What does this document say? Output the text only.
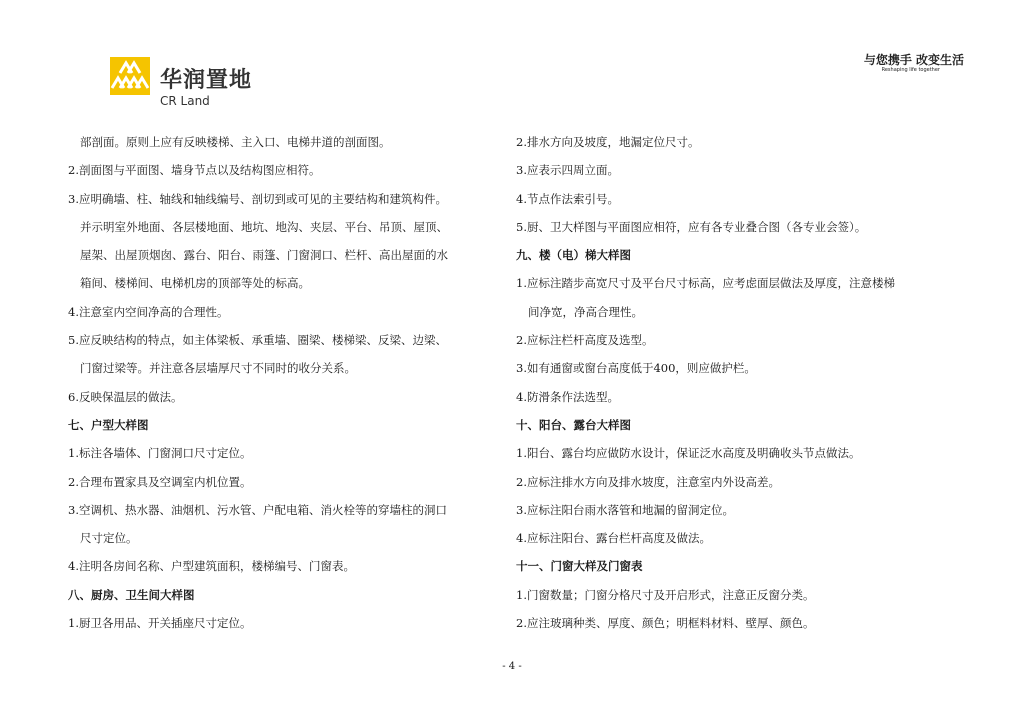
华润置地
CR Land
与您携手 改变生活
Reshaping life together
部剖面。原则上应有反映楼梯、主入口、电梯井道的剖面图。
2.剖面图与平面图、墙身节点以及结构图应相符。
3.应明确墙、柱、轴线和轴线编号、剖切到或可见的主要结构和建筑构件。
并示明室外地面、各层楼地面、地坑、地沟、夹层、平台、吊顶、屋顶、
屋架、出屋顶烟囱、露台、阳台、雨篷、门窗洞口、栏杆、高出屋面的水
箱间、楼梯间、电梯机房的顶部等处的标高。
4.注意室内空间净高的合理性。
5.应反映结构的特点，如主体梁板、承重墙、圈梁、楼梯梁、反梁、边梁、
门窗过梁等。并注意各层墙厚尺寸不同时的收分关系。
6.反映保温层的做法。
七、户型大样图
1.标注各墙体、门窗洞口尺寸定位。
2.合理布置家具及空调室内机位置。
3.空调机、热水器、油烟机、污水管、户配电箱、消火栓等的穿墙柱的洞口
尺寸定位。
4.注明各房间名称、户型建筑面积，楼梯编号、门窗表。
八、厨房、卫生间大样图
1.厨卫各用品、开关插座尺寸定位。
2.排水方向及坡度，地漏定位尺寸。
3.应表示四周立面。
4.节点作法索引号。
5.厨、卫大样图与平面图应相符，应有各专业叠合图（各专业会签）。
九、楼（电）梯大样图
1.应标注踏步高宽尺寸及平台尺寸标高，应考虑面层做法及厚度，注意楼梯
间净宽，净高合理性。
2.应标注栏杆高度及选型。
3.如有通窗或窗台高度低于400，则应做护栏。
4.防滑条作法选型。
十、阳台、露台大样图
1.阳台、露台均应做防水设计，保证泛水高度及明确收头节点做法。
2.应标注排水方向及排水坡度，注意室内外设高差。
3.应标注阳台雨水落管和地漏的留洞定位。
4.应标注阳台、露台栏杆高度及做法。
十一、门窗大样及门窗表
1.门窗数量；门窗分格尺寸及开启形式，注意正反窗分类。
2.应注玻璃种类、厚度、颜色；明框料材料、壁厚、颜色。
- 4 -
